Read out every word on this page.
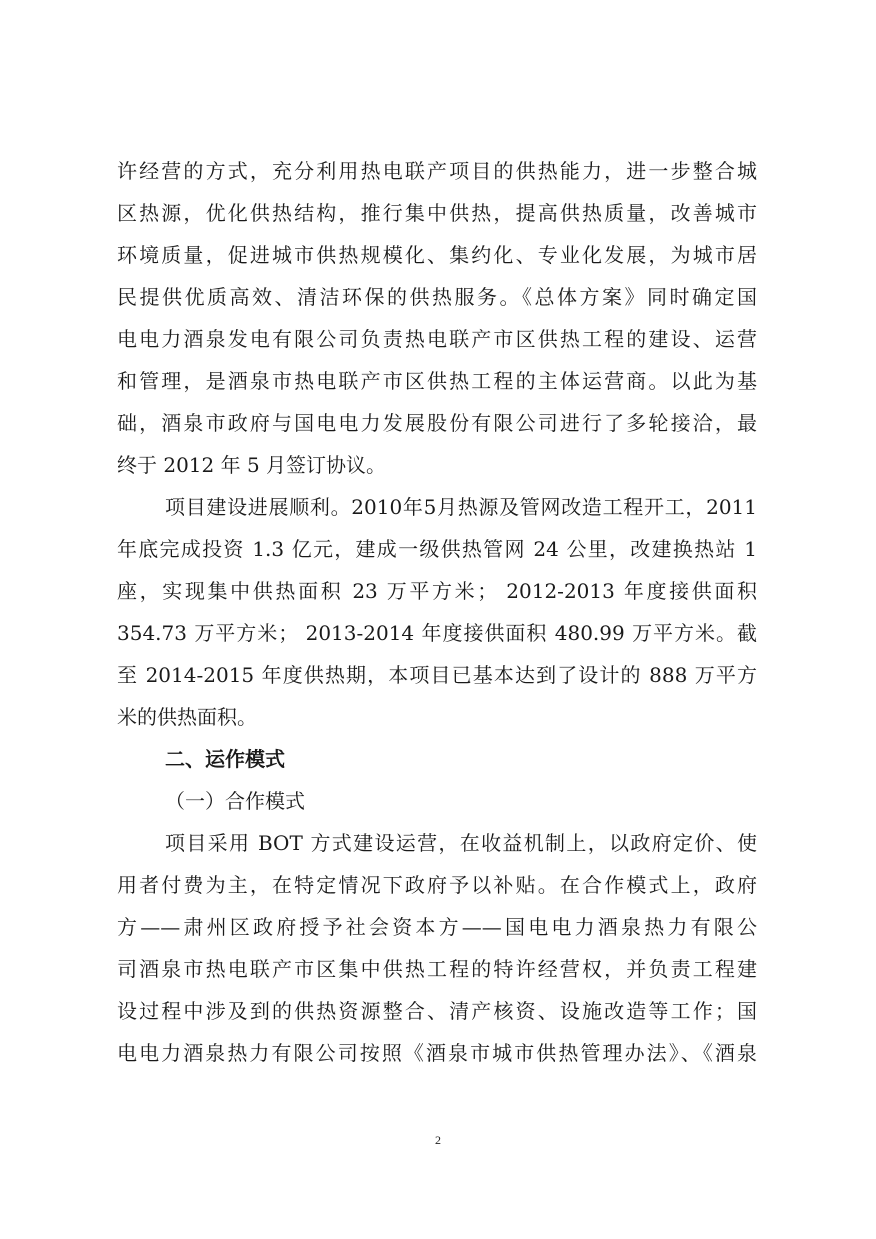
许经营的方式，充分利用热电联产项目的供热能力，进一步整合城
区热源，优化供热结构，推行集中供热，提高供热质量，改善城市
环境质量，促进城市供热规模化、集约化、专业化发展，为城市居
民提供优质高效、清洁环保的供热服务。《总体方案》同时确定国
电电力酒泉发电有限公司负责热电联产市区供热工程的建设、运营
和管理，是酒泉市热电联产市区供热工程的主体运营商。以此为基
础，酒泉市政府与国电电力发展股份有限公司进行了多轮接洽，最
终于 2012 年 5 月签订协议。
项目建设进展顺利。2010年5月热源及管网改造工程开工，2011
年底完成投资 1.3 亿元，建成一级供热管网 24 公里，改建换热站 1
座，实现集中供热面积 23 万平方米； 2012-2013 年度接供面积
354.73 万平方米； 2013-2014 年度接供面积 480.99 万平方米。截
至 2014-2015 年度供热期，本项目已基本达到了设计的 888 万平方
米的供热面积。
二、运作模式
（一）合作模式
项目采用 BOT 方式建设运营，在收益机制上，以政府定价、使
用者付费为主，在特定情况下政府予以补贴。在合作模式上，政府
方——肃州区政府授予社会资本方——国电电力酒泉热力有限公
司酒泉市热电联产市区集中供热工程的特许经营权，并负责工程建
设过程中涉及到的供热资源整合、清产核资、设施改造等工作；国
电电力酒泉热力有限公司按照《酒泉市城市供热管理办法》、《酒泉
2
